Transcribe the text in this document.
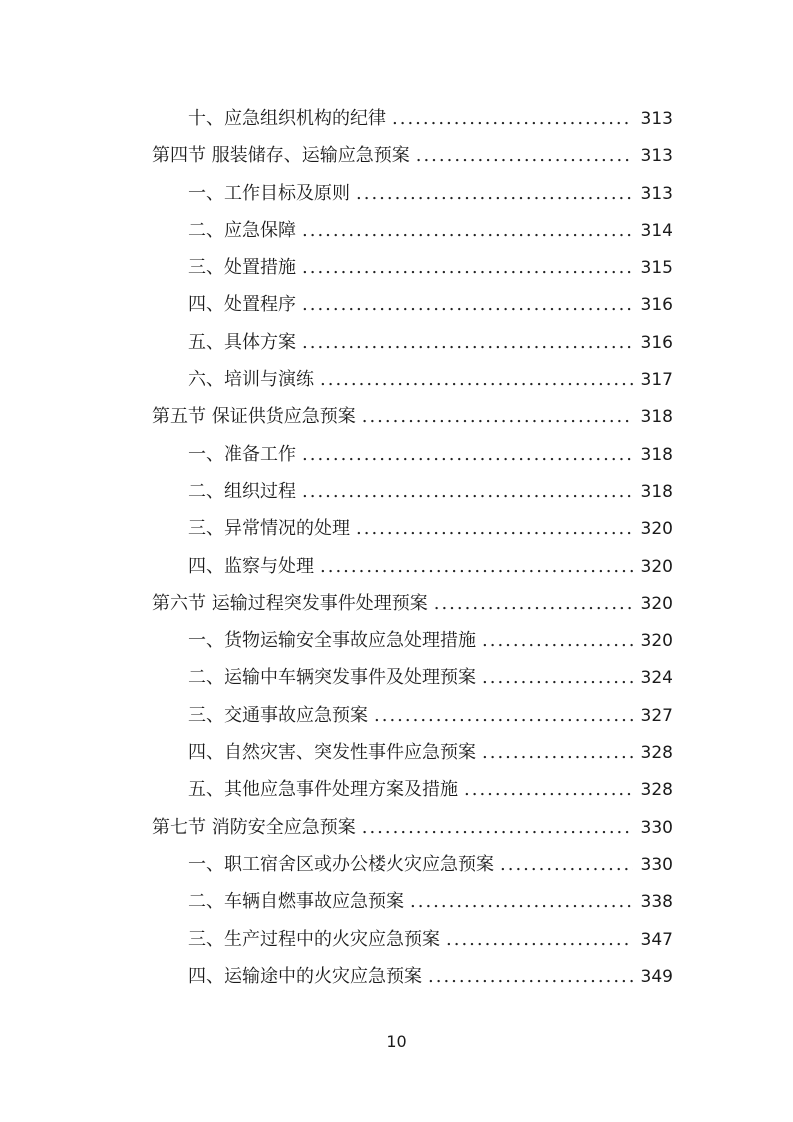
十、应急组织机构的纪律 .....	313
第四节 服装储存、运输应急预案 .....	313
一、工作目标及原则 .....	313
二、应急保障 .....	314
三、处置措施 .....	315
四、处置程序 .....	316
五、具体方案 .....	316
六、培训与演练 .....	317
第五节 保证供货应急预案 .....	318
一、准备工作 .....	318
二、组织过程 .....	318
三、异常情况的处理 .....	320
四、监察与处理 .....	320
第六节 运输过程突发事件处理预案 .....	320
一、货物运输安全事故应急处理措施 .....	320
二、运输中车辆突发事件及处理预案 .....	324
三、交通事故应急预案 .....	327
四、自然灾害、突发性事件应急预案 .....	328
五、其他应急事件处理方案及措施 .....	328
第七节 消防安全应急预案 .....	330
一、职工宿舍区或办公楼火灾应急预案 .....	330
二、车辆自燃事故应急预案 .....	338
三、生产过程中的火灾应急预案 .....	347
四、运输途中的火灾应急预案 .....	349
10
